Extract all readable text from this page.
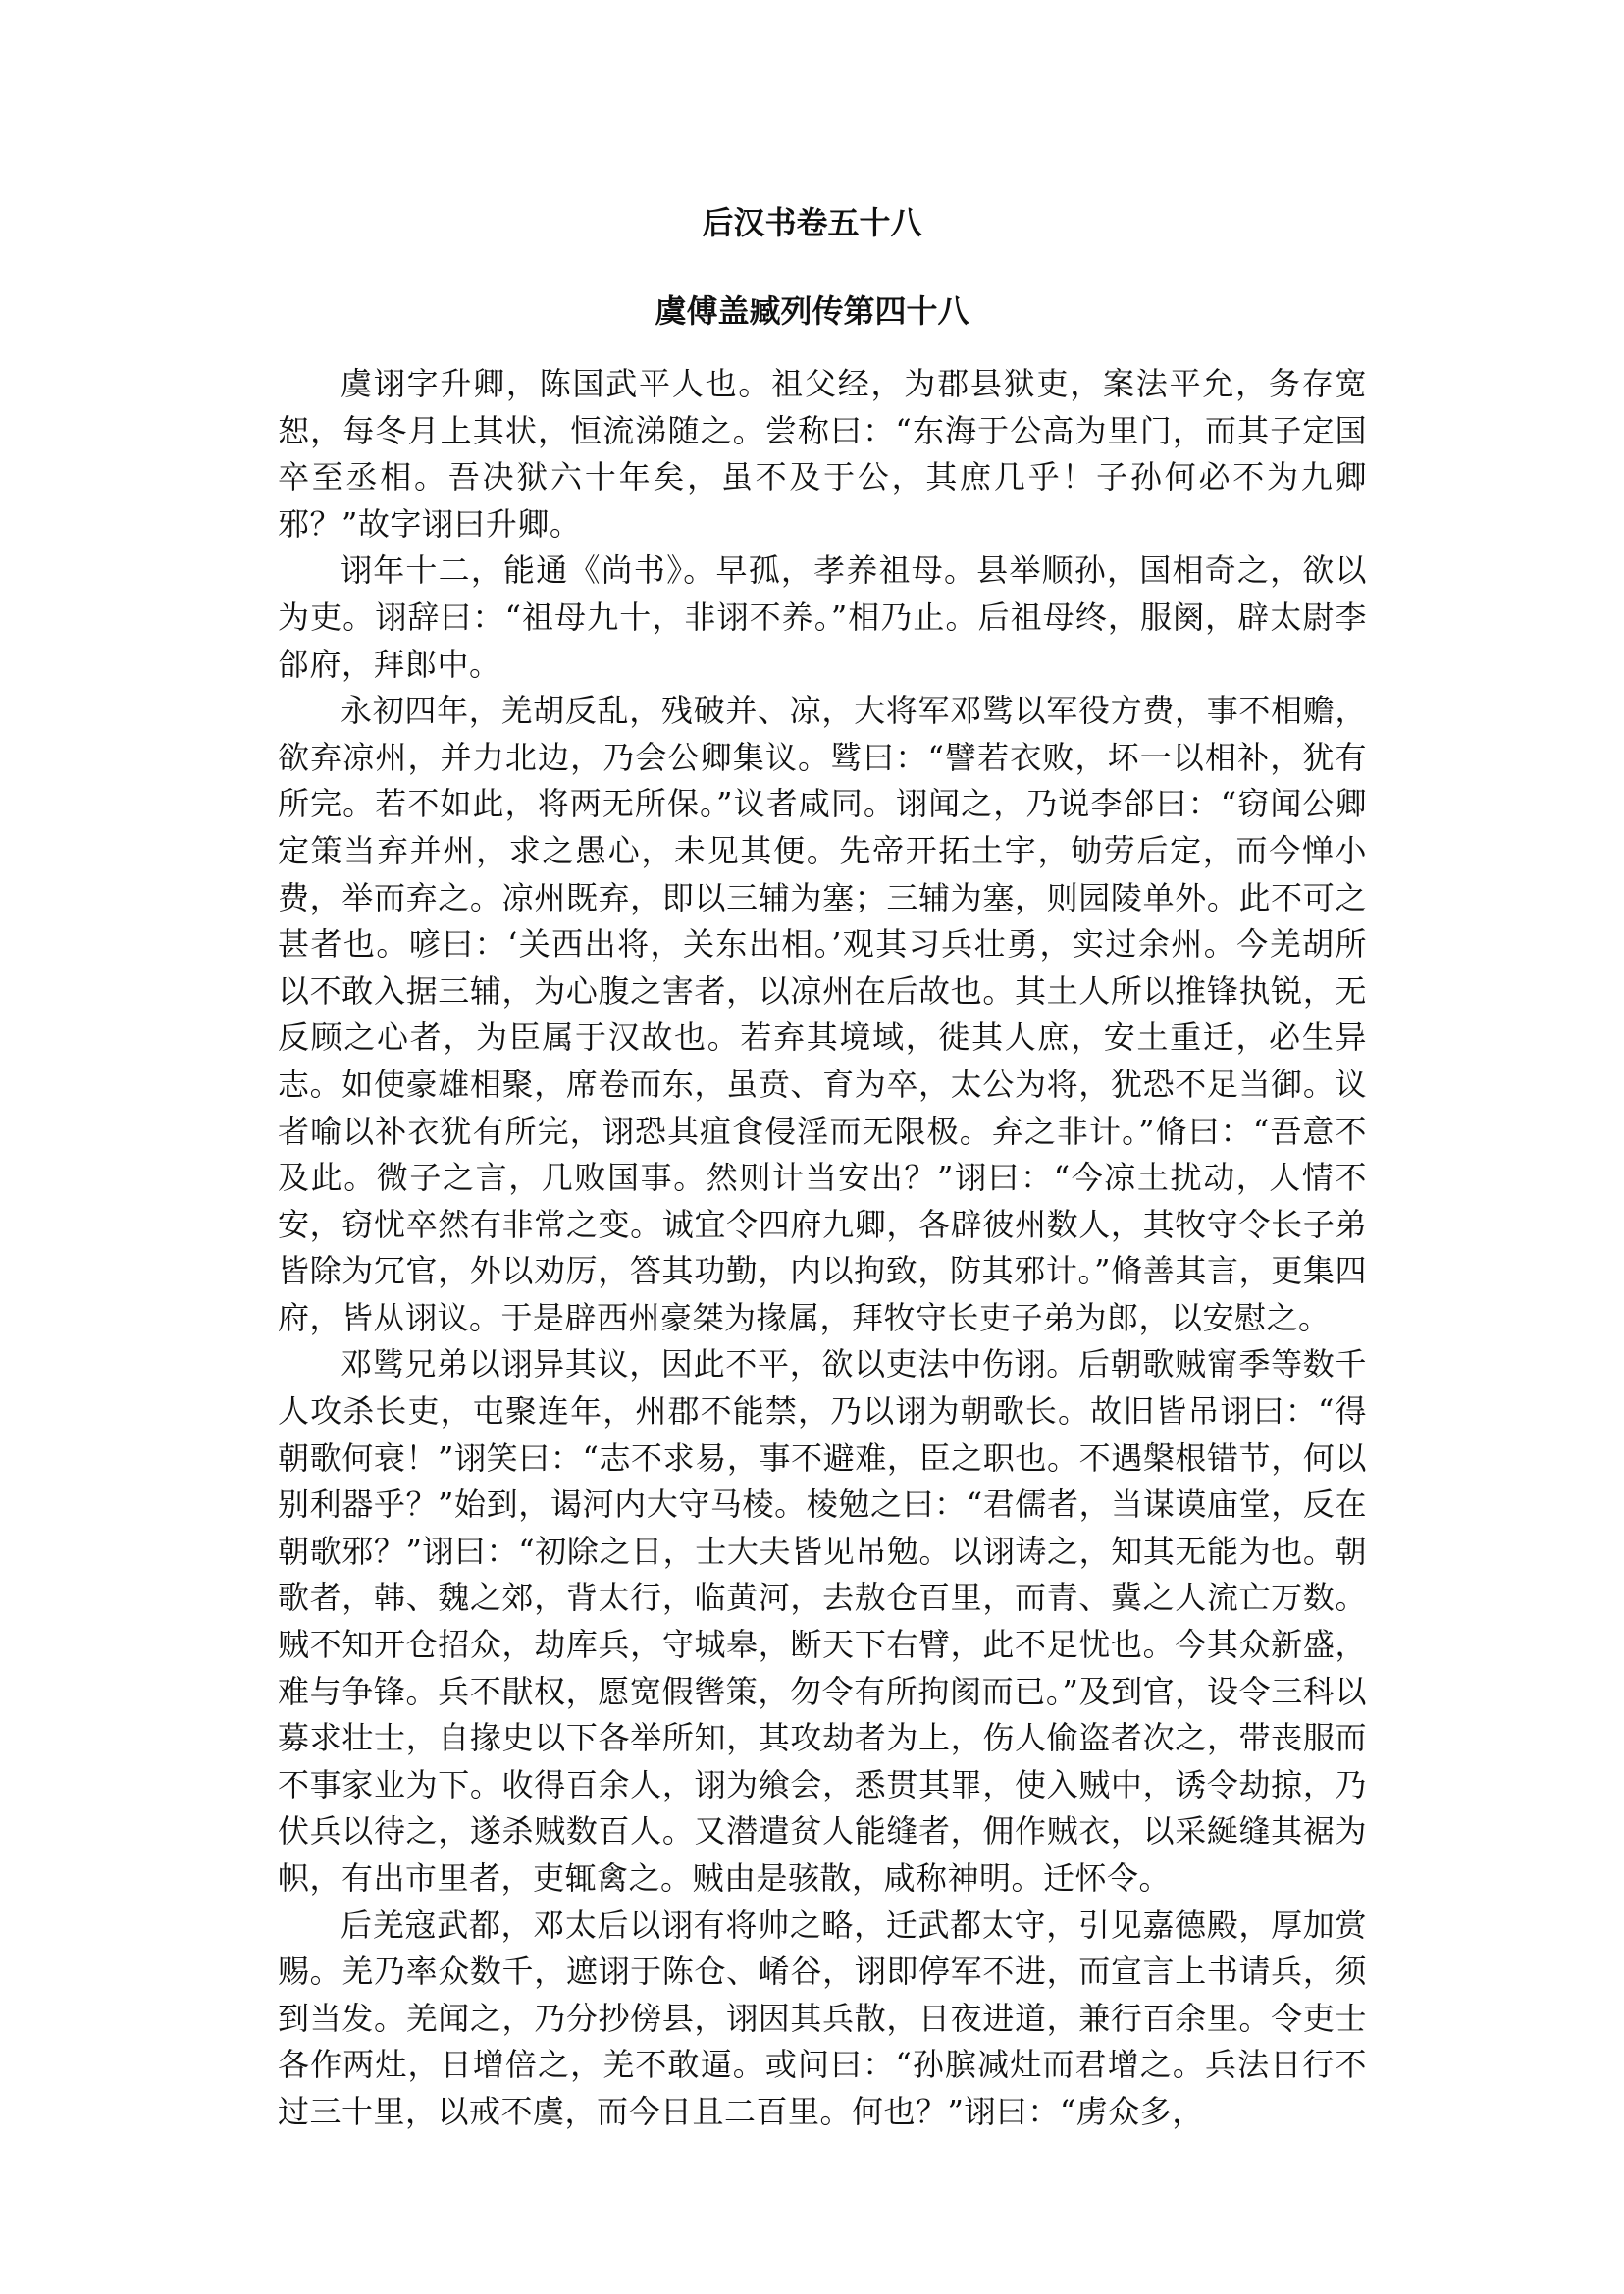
后汉书卷五十八
虞傅盖臧列传第四十八

虞诩字升卿，陈国武平人也。祖父经，为郡县狱吏，案法平允，务存宽恕，每冬月上其状，恒流涕随之。尝称曰：“东海于公高为里门，而其子定国卒至丞相。吾决狱六十年矣，虽不及于公，其庶几乎！子孙何必不为九卿邪？”故字诩曰升卿。

诩年十二，能通《尚书》。早孤，孝养祖母。县举顺孙，国相奇之，欲以为吏。诩辞曰：“祖母九十，非诩不养。”相乃止。后祖母终，服阕，辟太尉李郃府，拜郎中。

永初四年，羌胡反乱，残破并、凉，大将军邓骘以军役方费，事不相赡，欲弃凉州，并力北边，乃会公卿集议。骘曰：“譬若衣败，坏一以相补，犹有所完。若不如此，将两无所保。”议者咸同。诩闻之，乃说李郃曰：“窃闻公卿定策当弃并州，求之愚心，未见其便。先帝开拓土宇，劬劳后定，而今惮小费，举而弃之。凉州既弃，即以三辅为塞；三辅为塞，则园陵单外。此不可之甚者也。喭曰：‘关西出将，关东出相。’观其习兵壮勇，实过余州。今羌胡所以不敢入据三辅，为心腹之害者，以凉州在后故也。其土人所以推锋执锐，无反顾之心者，为臣属于汉故也。若弃其境域，徙其人庶，安土重迁，必生异志。如使豪雄相聚，席卷而东，虽贲、育为卒，太公为将，犹恐不足当御。议者喻以补衣犹有所完，诩恐其疽食侵淫而无限极。弃之非计。”脩曰：“吾意不及此。微子之言，几败国事。然则计当安出？”诩曰：“今凉土扰动，人情不安，窃忧卒然有非常之变。诚宜令四府九卿，各辟彼州数人，其牧守令长子弟皆除为冗官，外以劝厉，答其功勤，内以拘致，防其邪计。”脩善其言，更集四府，皆从诩议。于是辟西州豪桀为掾属，拜牧守长吏子弟为郎，以安慰之。

邓骘兄弟以诩异其议，因此不平，欲以吏法中伤诩。后朝歌贼甯季等数千人攻杀长吏，屯聚连年，州郡不能禁，乃以诩为朝歌长。故旧皆吊诩曰：“得朝歌何衰！”诩笑曰：“志不求易，事不避难，臣之职也。不遇槃根错节，何以别利器乎？”始到，谒河内大守马棱。棱勉之曰：“君儒者，当谋谟庙堂，反在朝歌邪？”诩曰：“初除之日，士大夫皆见吊勉。以诩诪之，知其无能为也。朝歌者，韩、魏之郊，背太行，临黄河，去敖仓百里，而青、冀之人流亡万数。贼不知开仓招众，劫库兵，守城皋，断天下右臂，此不足忧也。今其众新盛，难与争锋。兵不猒权，愿宽假辔策，勿令有所拘阂而已。”及到官，设令三科以募求壮士，自掾史以下各举所知，其攻劫者为上，伤人偷盗者次之，带丧服而不事家业为下。收得百余人，诩为飨会，悉贯其罪，使入贼中，诱令劫掠，乃伏兵以待之，遂杀贼数百人。又潜遣贫人能缝者，佣作贼衣，以采綖缝其裾为帜，有出市里者，吏辄禽之。贼由是骇散，咸称神明。迁怀令。

后羌寇武都，邓太后以诩有将帅之略，迁武都太守，引见嘉德殿，厚加赏赐。羌乃率众数千，遮诩于陈仓、崤谷，诩即停军不进，而宣言上书请兵，须到当发。羌闻之，乃分抄傍县，诩因其兵散，日夜进道，兼行百余里。令吏士各作两灶，日增倍之，羌不敢逼。或问曰：“孙膑减灶而君增之。兵法日行不过三十里，以戒不虞，而今日且二百里。何也？”诩曰：“虏众多，
